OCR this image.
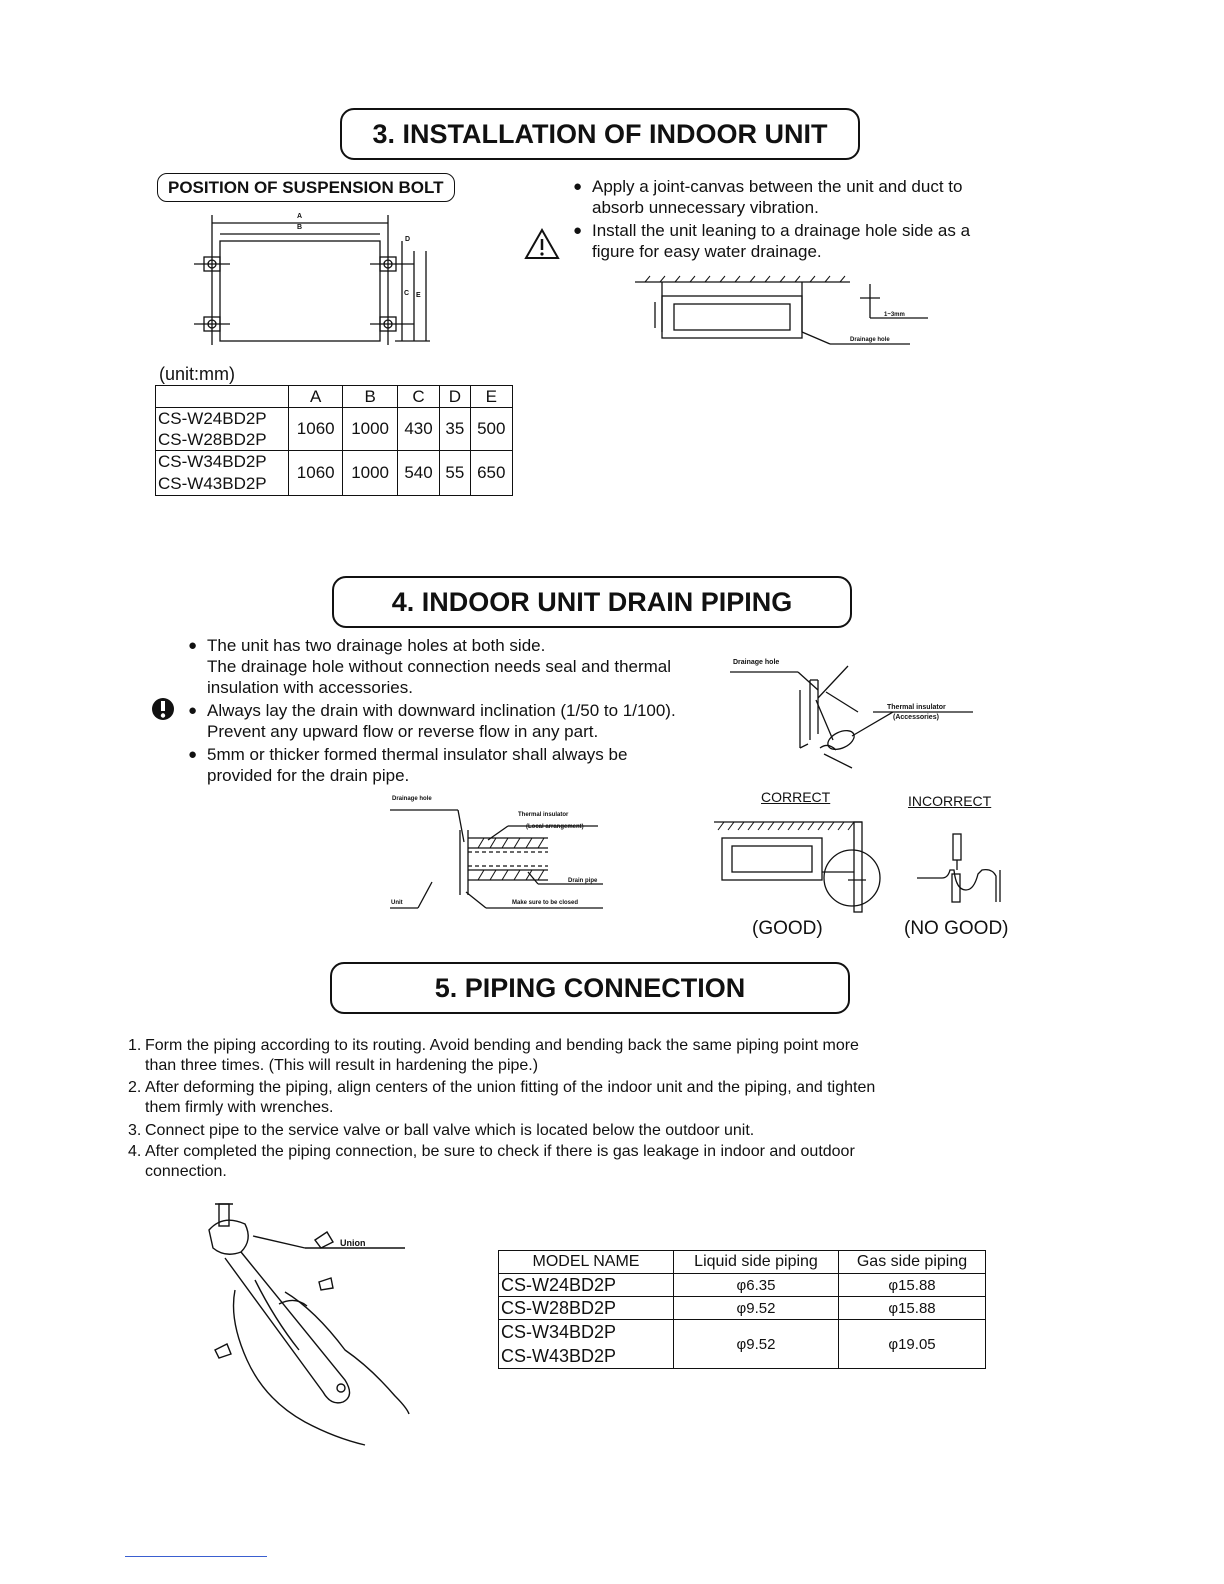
3. INSTALLATION OF INDOOR UNIT
POSITION OF SUSPENSION BOLT
A
B
D
C E
● Apply a joint-canvas between the unit and duct to
absorb unnecessary vibration.
● Install the unit leaning to a drainage hole side as a
figure for easy water drainage.
1~3mm
Drainage hole
(unit:mm)
	A	B	C	D	E

CS-W24BD2P
CS-W28BD2P	1060	1000	430	35	500

CS-W34BD2P
CS-W43BD2P	1060	1000	540	55	650
4. INDOOR UNIT DRAIN PIPING
● The unit has two drainage holes at both side.
The drainage hole without connection needs seal and thermal
insulation with accessories.
● Always lay the drain with downward inclination (1/50 to 1/100).
Prevent any upward flow or reverse flow in any part.
● 5mm or thicker formed thermal insulator shall always be
provided for the drain pipe.
Drainage hole
Thermal insulator
(Accessories)
Drainage hole
Thermal insulator
(Local arrangement)
Drain pipe
Unit	Make sure to be closed
CORRECT	INCORRECT
(GOOD)	(NO GOOD)
5. PIPING CONNECTION
1. Form the piping according to its routing. Avoid bending and bending back the same piping point more
than three times. (This will result in hardening the pipe.)
2. After deforming the piping, align centers of the union fitting of the indoor unit and the piping, and tighten
them firmly with wrenches.
3. Connect pipe to the service valve or ball valve which is located below the outdoor unit.
4. After completed the piping connection, be sure to check if there is gas leakage in indoor and outdoor
connection.
Union
MODEL NAME	Liquid side piping	Gas side piping
CS-W24BD2P	φ6.35	φ15.88
CS-W28BD2P	φ9.52	φ15.88

CS-W34BD2P
CS-W43BD2P	φ9.52	φ19.05
